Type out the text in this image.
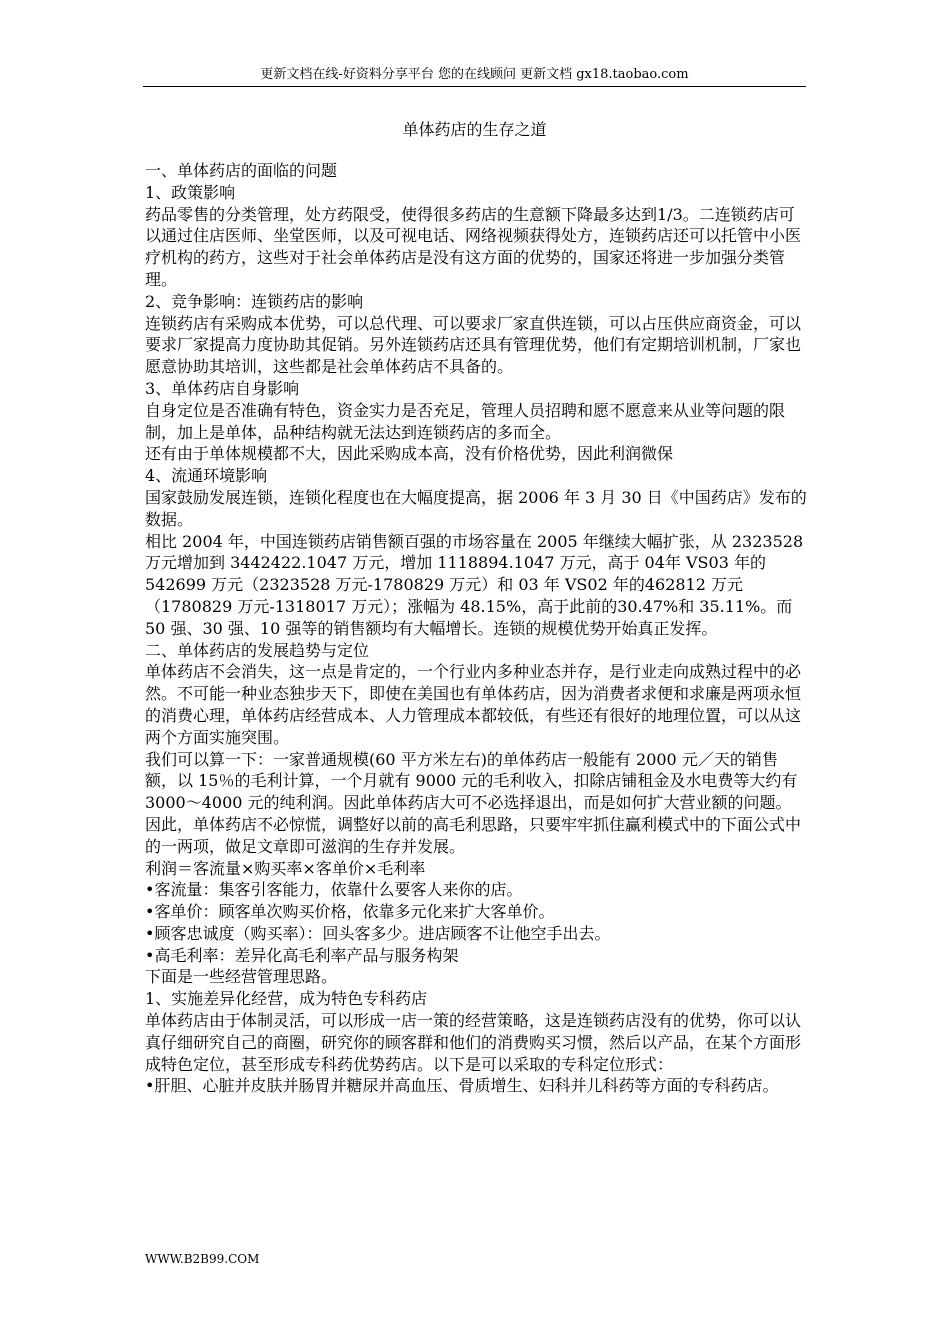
更新文档在线-好资料分享平台 您的在线顾问 更新文档 gx18.taobao.com
单体药店的生存之道

一、单体药店的面临的问题

1、政策影响

药品零售的分类管理，处方药限受，使得很多药店的生意额下降最多达到1/3。二连锁药店可以通过住店医师、坐堂医师，以及可视电话、网络视频获得处方，连锁药店还可以托管中小医疗机构的药方，这些对于社会单体药店是没有这方面的优势的，国家还将进一步加强分类管理。

2、竞争影响：连锁药店的影响

连锁药店有采购成本优势，可以总代理、可以要求厂家直供连锁，可以占压供应商资金，可以要求厂家提高力度协助其促销。另外连锁药店还具有管理优势，他们有定期培训机制，厂家也愿意协助其培训，这些都是社会单体药店不具备的。

3、单体药店自身影响

自身定位是否准确有特色，资金实力是否充足，管理人员招聘和愿不愿意来从业等问题的限制，加上是单体，品种结构就无法达到连锁药店的多而全。

还有由于单体规模都不大，因此采购成本高，没有价格优势，因此利润微保

4、流通环境影响

国家鼓励发展连锁，连锁化程度也在大幅度提高，据 2006 年 3 月 30 日《中国药店》发布的数据。

相比 2004 年，中国连锁药店销售额百强的市场容量在 2005 年继续大幅扩张，从 2323528 万元增加到 3442422.1047 万元，增加 1118894.1047 万元，高于 04年 VS03 年的 542699 万元（2323528 万元-1780829 万元）和 03 年 VS02 年的462812 万元（1780829 万元-1318017 万元）；涨幅为 48.15%，高于此前的30.47%和 35.11%。而 50 强、30 强、10 强等的销售额均有大幅增长。连锁的规模优势开始真正发挥。

二、单体药店的发展趋势与定位

单体药店不会消失，这一点是肯定的，一个行业内多种业态并存，是行业走向成熟过程中的必然。不可能一种业态独步天下，即使在美国也有单体药店，因为消费者求便和求廉是两项永恒的消费心理，单体药店经营成本、人力管理成本都较低，有些还有很好的地理位置，可以从这两个方面实施突围。

我们可以算一下：一家普通规模(60 平方米左右)的单体药店一般能有 2000 元／天的销售额，以 15％的毛利计算，一个月就有 9000 元的毛利收入，扣除店铺租金及水电费等大约有 3000～4000 元的纯利润。因此单体药店大可不必选择退出，而是如何扩大营业额的问题。因此，单体药店不必惊慌，调整好以前的高毛利思路，只要牢牢抓住赢利模式中的下面公式中的一两项，做足文章即可滋润的生存并发展。

利润＝客流量×购买率×客单价×毛利率

•客流量：集客引客能力，依靠什么要客人来你的店。

•客单价：顾客单次购买价格，依靠多元化来扩大客单价。

•顾客忠诚度（购买率）：回头客多少。进店顾客不让他空手出去。

•高毛利率：差异化高毛利率产品与服务构架

下面是一些经营管理思路。

1、实施差异化经营，成为特色专科药店

单体药店由于体制灵活，可以形成一店一策的经营策略，这是连锁药店没有的优势，你可以认真仔细研究自己的商圈，研究你的顾客群和他们的消费购买习惯，然后以产品，在某个方面形成特色定位，甚至形成专科药优势药店。以下是可以采取的专科定位形式：

•肝胆、心脏并皮肤并肠胃并糖尿并高血压、骨质增生、妇科并儿科药等方面的专科药店。

WWW.B2B99.COM
